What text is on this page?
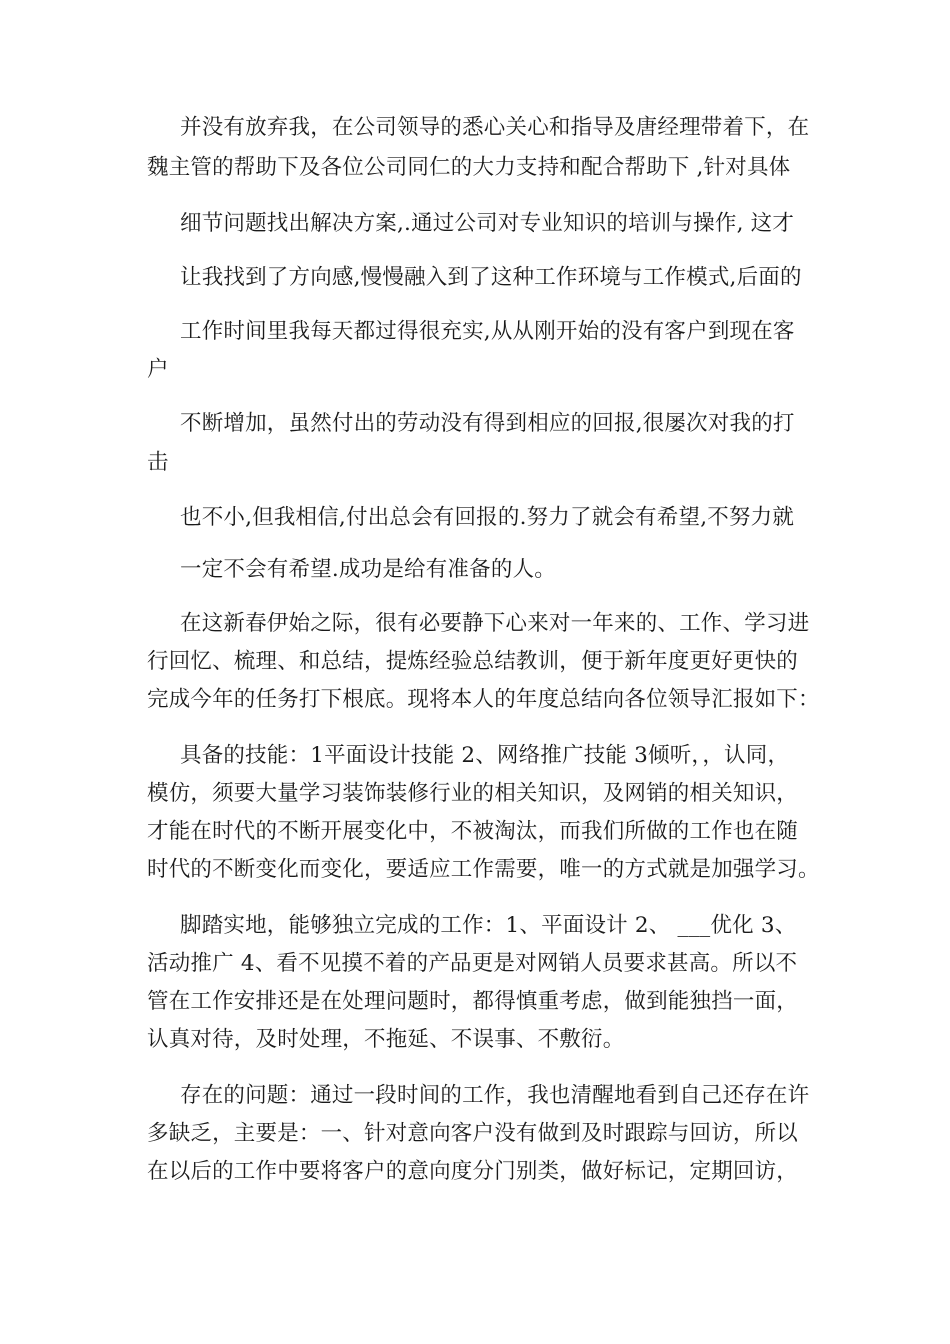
并没有放弃我，在公司领导的悉心关心和指导及唐经理带着下，在
魏主管的帮助下及各位公司同仁的大力支持和配合帮助下 ,针对具体
细节问题找出解决方案,.通过公司对专业知识的培训与操作, 这才
让我找到了方向感,慢慢融入到了这种工作环境与工作模式,后面的
工作时间里我每天都过得很充实,从从刚开始的没有客户到现在客
户
不断增加，虽然付出的劳动没有得到相应的回报,很屡次对我的打
击
也不小,但我相信,付出总会有回报的.努力了就会有希望,不努力就
一定不会有希望.成功是给有准备的人。
在这新春伊始之际，很有必要静下心来对一年来的、工作、学习进
行回忆、梳理、和总结，提炼经验总结教训，便于新年度更好更快的
完成今年的任务打下根底。现将本人的年度总结向各位领导汇报如下：
具备的技能：1平面设计技能 2、网络推广技能 3倾听，，认同，
模仿，须要大量学习装饰装修行业的相关知识，及网销的相关知识，
才能在时代的不断开展变化中，不被淘汰，而我们所做的工作也在随
时代的不断变化而变化，要适应工作需要，唯一的方式就是加强学习。
脚踏实地，能够独立完成的工作：1、平面设计 2、 ___优化 3、
活动推广 4、看不见摸不着的产品更是对网销人员要求甚高。所以不
管在工作安排还是在处理问题时，都得慎重考虑，做到能独挡一面，
认真对待，及时处理，不拖延、不误事、不敷衍。
存在的问题：通过一段时间的工作，我也清醒地看到自己还存在许
多缺乏，主要是：一、针对意向客户没有做到及时跟踪与回访，所以
在以后的工作中要将客户的意向度分门别类，做好标记，定期回访，
